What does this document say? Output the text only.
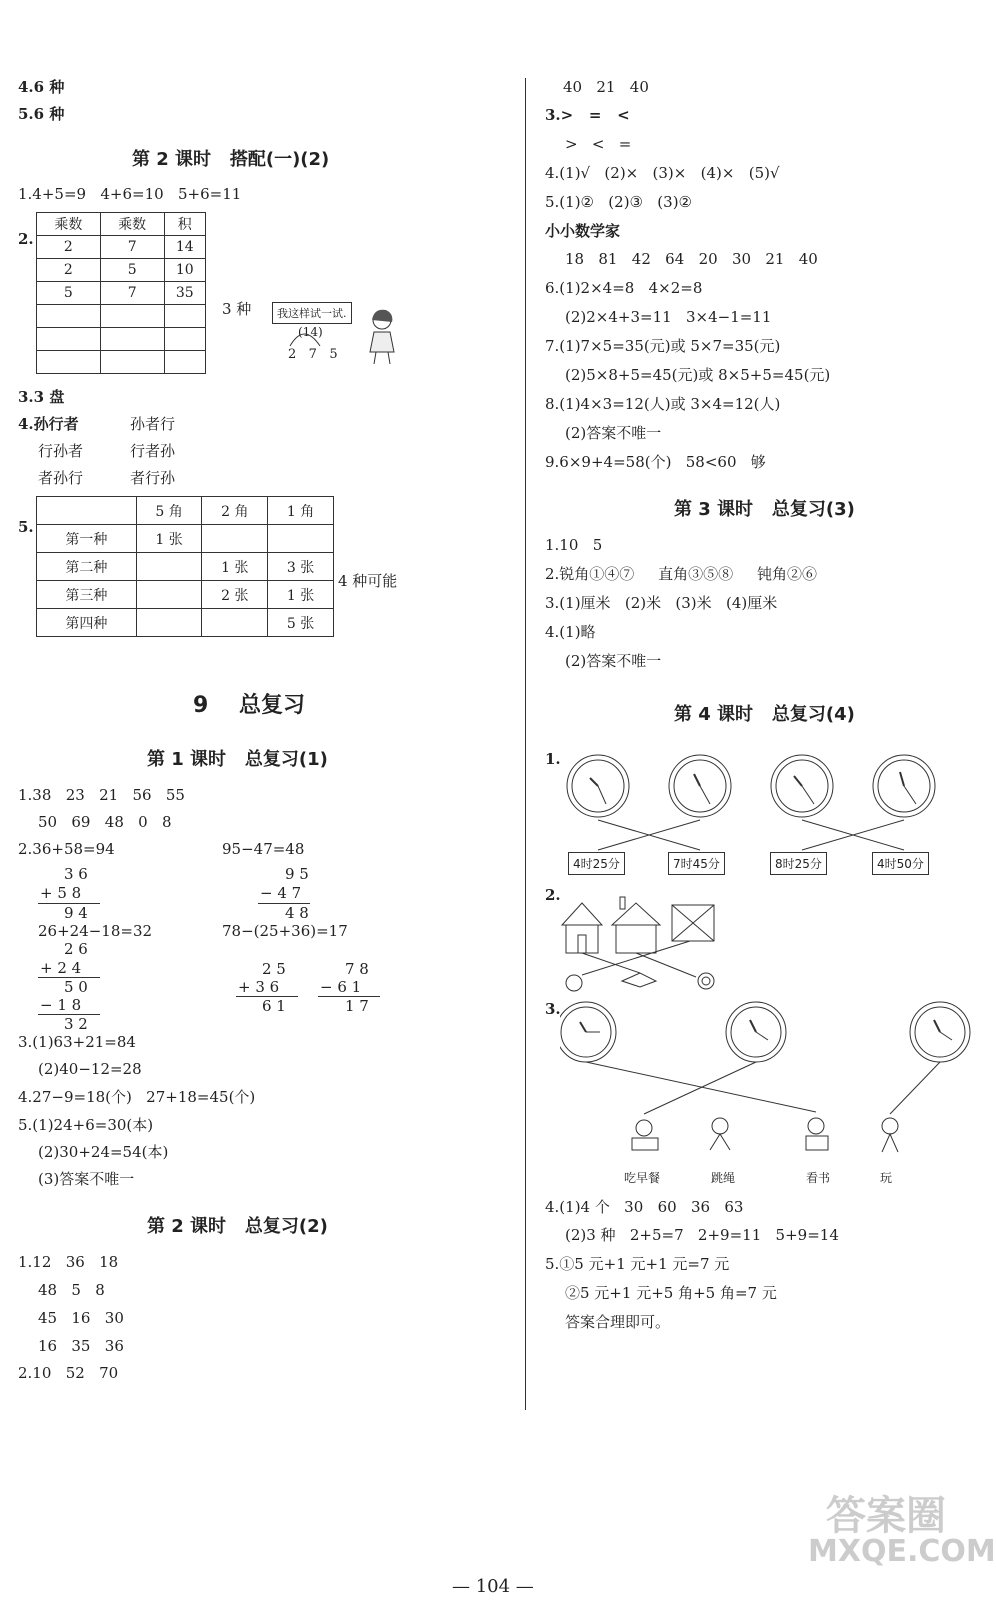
4.6 种
5.6 种
第 2 课时   搭配(一)(2)
1.4+5=9   4+6=10   5+6=11
2.
乘数	乘数	积
2	7	14
2	5	10
5	7	35

3 种	我这样试一试.
(14)
2   7   5
3.3 盘
4.孙行者	孙者行
行孙者	行者孙
者孙行	者行孙
5.
	5 角	2 角	1 角
第一种	1 张		
第二种		1 张	3 张
第三种		2 张	1 张
第四种			5 张
4 种可能
9    总复习
第 1 课时   总复习(1)
1.38   23   21   56   55
50   69   48   0   8
2.36+58=94	95−47=48
3 6
+ 5 8
9 4
9 5
− 4 7
4 8
26+24−18=32	78−(25+36)=17
2 6
+ 2 4
5 0
− 1 8
3 2
2 5
+ 3 6
6 1
7 8
− 6 1
1 7
3.(1)63+21=84
(2)40−12=28
4.27−9=18(个)   27+18=45(个)
5.(1)24+6=30(本)
(2)30+24=54(本)
(3)答案不唯一
第 2 课时   总复习(2)
1.12   36   18
48   5   8
45   16   30
16   35   36
2.10   52   70
40   21   40
3.>   =   <
>   <   =
4.(1)√   (2)×   (3)×   (4)×   (5)√
5.(1)②   (2)③   (3)②
小小数学家
18   81   42   64   20   30   21   40
6.(1)2×4=8   4×2=8
(2)2×4+3=11   3×4−1=11
7.(1)7×5=35(元)或 5×7=35(元)
(2)5×8+5=45(元)或 8×5+5=45(元)
8.(1)4×3=12(人)或 3×4=12(人)
(2)答案不唯一
9.6×9+4=58(个)   58<60   够
第 3 课时   总复习(3)
1.10   5
2.锐角①④⑦     直角③⑤⑧     钝角②⑥
3.(1)厘米   (2)米   (3)米   (4)厘米
4.(1)略
(2)答案不唯一
第 4 课时   总复习(4)
1.
4时25分	7时45分	8时25分	4时50分
2.
3.
吃早餐	跳绳	看书	玩
4.(1)4 个   30   60   36   63
(2)3 种   2+5=7   2+9=11   5+9=14
5.①5 元+1 元+1 元=7 元
②5 元+1 元+5 角+5 角=7 元
答案合理即可。
答案圈
MXQE.COM
— 104 —
